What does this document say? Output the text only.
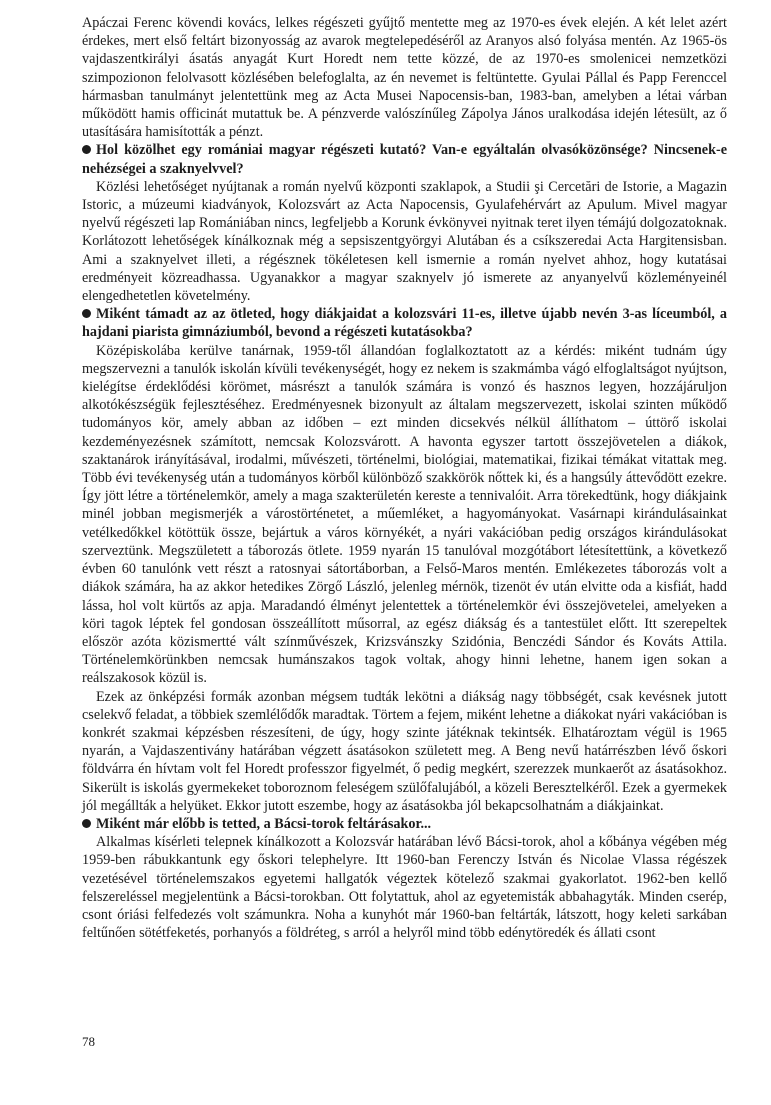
Apáczai Ferenc kövendi kovács, lelkes régészeti gyűjtő mentette meg az 1970-es évek elején. A két lelet azért érdekes, mert első feltárt bizonyosság az avarok megtelepedéséről az Aranyos alsó folyása mentén. Az 1965-ös vajdaszentkirályi ásatás anyagát Kurt Horedt nem tette közzé, de az 1970-es smolenicei nemzetközi szimpozionon felolvasott közlésében belefoglalta, az én nevemet is feltüntette. Gyulai Pállal és Papp Ferenccel hármasban tanulmányt jelentettünk meg az Acta Musei Napocensis-ban, 1983-ban, amelyben a létai várban működött hamis officinát mutattuk be. A pénzverde valószínűleg Zápolya János uralkodása idején létesült, az ő utasítására hamisították a pénzt.

Hol közölhet egy romániai magyar régészeti kutató? Van-e egyáltalán olvasóközönsége? Nincsenek-e nehézségei a szaknyelvvel?

Közlési lehetőséget nyújtanak a román nyelvű központi szaklapok, a Studii şi Cercetări de Istorie, a Magazin Istoric, a múzeumi kiadványok, Kolozsvárt az Acta Napocensis, Gyulafehérvárt az Apulum. Mivel magyar nyelvű régészeti lap Romániában nincs, legfeljebb a Korunk évkönyvei nyitnak teret ilyen témájú dolgozatoknak. Korlátozott lehetőségek kínálkoznak még a sepsiszentgyörgyi Alutában és a csíkszeredai Acta Hargitensisban. Ami a szaknyelvet illeti, a régésznek tökéletesen kell ismernie a román nyelvet ahhoz, hogy kutatásai eredményeit közreadhassa. Ugyanakkor a magyar szaknyelv jó ismerete az anyanyelvű közleményeinél elengedhetetlen követelmény.

Miként támadt az az ötleted, hogy diákjaidat a kolozsvári 11-es, illetve újabb nevén 3-as líceumból, a hajdani piarista gimnáziumból, bevond a régészeti kutatásokba?

Középiskolába kerülve tanárnak, 1959-től állandóan foglalkoztatott az a kérdés: miként tudnám úgy megszervezni a tanulók iskolán kívüli tevékenységét, hogy ez nekem is szakmámba vágó elfoglaltságot nyújtson, kielégítse érdeklődési körömet, másrészt a tanulók számára is vonzó és hasznos legyen, hozzájáruljon alkotókészségük fejlesztéséhez. Eredményesnek bizonyult az általam megszervezett, iskolai szinten működő tudományos kör, amely abban az időben – ezt minden dicsekvés nélkül állíthatom – úttörő iskolai kezdeményezésnek számított, nemcsak Kolozsvárott. A havonta egyszer tartott összejövetelen a diákok, szaktanárok irányításával, irodalmi, művészeti, történelmi, biológiai, matematikai, fizikai témákat vitattak meg. Több évi tevékenység után a tudományos körből különböző szakkörök nőttek ki, és a hangsúly áttevődött ezekre. Így jött létre a történelemkör, amely a maga szakterületén kereste a tennivalóit. Arra törekedtünk, hogy diákjaink minél jobban megismerjék a várostörténetet, a műemléket, a hagyományokat. Vasárnapi kirándulásainkat vetélkedőkkel kötöttük össze, bejártuk a város környékét, a nyári vakációban pedig országos kirándulásokat szerveztünk. Megszületett a táborozás ötlete. 1959 nyarán 15 tanulóval mozgótábort létesítettünk, a következő évben 60 tanulónk vett részt a ratosnyai sátortáborban, a Felső-Maros mentén. Emlékezetes táborozás volt a diákok számára, ha az akkor hetedikes Zörgő László, jelenleg mérnök, tizenöt év után elvitte oda a kisfiát, hadd lássa, hol volt kürtős az apja. Maradandó élményt jelentettek a történelemkör évi összejövetelei, amelyeken a köri tagok léptek fel gondosan összeállított műsorral, az egész diákság és a tantestület előtt. Itt szerepeltek először azóta közismertté vált színművészek, Krizsvánszky Szidónia, Benczédi Sándor és Kováts Attila. Történelemkörünkben nemcsak humánszakos tagok voltak, ahogy hinni lehetne, hanem igen sokan a reálszakosok közül is.

Ezek az önképzési formák azonban mégsem tudták lekötni a diákság nagy többségét, csak kevésnek jutott cselekvő feladat, a többiek szemlélődők maradtak. Törtem a fejem, miként lehetne a diákokat nyári vakációban is konkrét szakmai képzésben részesíteni, de úgy, hogy szinte játéknak tekintsék. Elhatároztam végül is 1965 nyarán, a Vajdaszentivány határában végzett ásatásokon született meg. A Beng nevű határrészben lévő őskori földvárra én hívtam volt fel Horedt professzor figyelmét, ő pedig megkért, szerezzek munkaerőt az ásatásokhoz. Sikerült is iskolás gyermekeket toboroznom feleségem szülőfalujából, a közeli Beresztelkéről. Ezek a gyermekek jól megállták a helyüket. Ekkor jutott eszembe, hogy az ásatásokba jól bekapcsolhatnám a diákjainkat.

Miként már előbb is tetted, a Bácsi-torok feltárásakor...

Alkalmas kísérleti telepnek kínálkozott a Kolozsvár határában lévő Bácsi-torok, ahol a kőbánya végében még 1959-ben rábukkantunk egy őskori telephelyre. Itt 1960-ban Ferenczy István és Nicolae Vlassa régészek vezetésével történelemszakos egyetemi hallgatók végeztek kötelező szakmai gyakorlatot. 1962-ben kellő felszereléssel megjelentünk a Bácsi-torokban. Ott folytattuk, ahol az egyetemisták abbahagyták. Minden cserép, csont óriási felfedezés volt számunkra. Noha a kunyhót már 1960-ban feltárták, látszott, hogy keleti sarkában feltűnően sötétfeketés, porhanyós a földréteg, s arról a helyről mind több edénytöredék és állati csont

78
